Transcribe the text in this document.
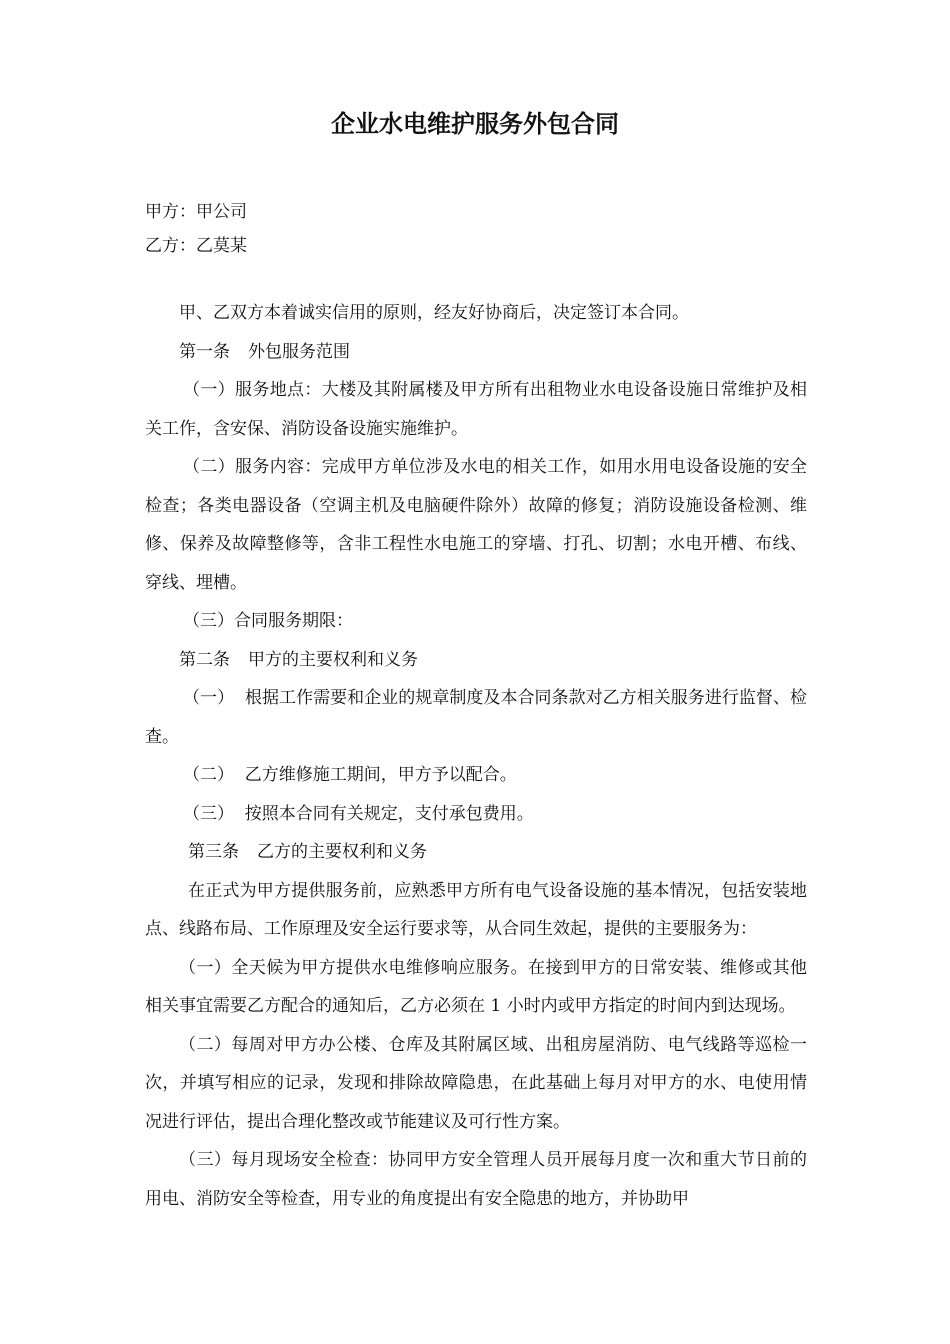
企业水电维护服务外包合同

甲方：甲公司

乙方：乙莫某

甲、乙双方本着诚实信用的原则，经友好协商后，决定签订本合同。

第一条 外包服务范围

（一）服务地点：大楼及其附属楼及甲方所有出租物业水电设备设施日常维护及相关工作，含安保、消防设备设施实施维护。

（二）服务内容：完成甲方单位涉及水电的相关工作，如用水用电设备设施的安全检查；各类电器设备（空调主机及电脑硬件除外）故障的修复；消防设施设备检测、维修、保养及故障整修等，含非工程性水电施工的穿墙、打孔、切割；水电开槽、布线、穿线、埋槽。

（三）合同服务期限：

第二条 甲方的主要权利和义务

（一）  根据工作需要和企业的规章制度及本合同条款对乙方相关服务进行监督、检查。

（二）  乙方维修施工期间，甲方予以配合。

（三）  按照本合同有关规定，支付承包费用。

第三条 乙方的主要权利和义务

在正式为甲方提供服务前，应熟悉甲方所有电气设备设施的基本情况，包括安装地点、线路布局、工作原理及安全运行要求等，从合同生效起，提供的主要服务为：

（一）全天候为甲方提供水电维修响应服务。在接到甲方的日常安装、维修或其他相关事宜需要乙方配合的通知后，乙方必须在 1 小时内或甲方指定的时间内到达现场。

（二）每周对甲方办公楼、仓库及其附属区域、出租房屋消防、电气线路等巡检一次，并填写相应的记录，发现和排除故障隐患，在此基础上每月对甲方的水、电使用情况进行评估，提出合理化整改或节能建议及可行性方案。

（三）每月现场安全检查：协同甲方安全管理人员开展每月度一次和重大节日前的用电、消防安全等检查，用专业的角度提出有安全隐患的地方，并协助甲
